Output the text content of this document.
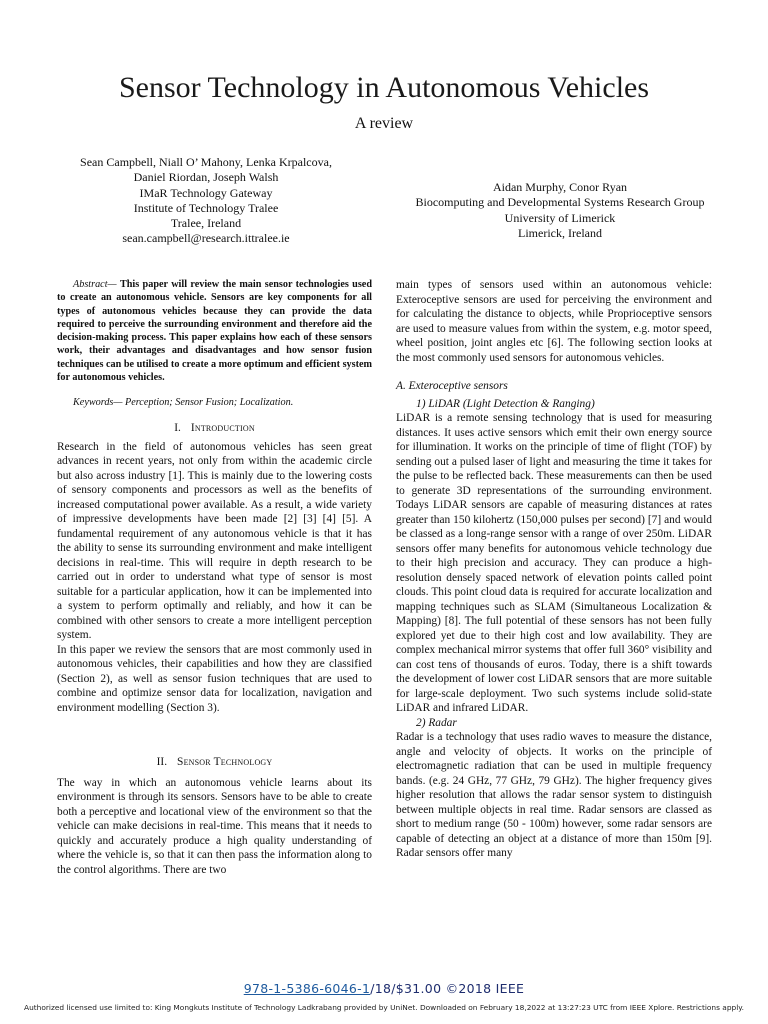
Sensor Technology in Autonomous Vehicles
A review
Sean Campbell, Niall O’ Mahony, Lenka Krpalcova,
Daniel Riordan, Joseph Walsh
IMaR Technology Gateway
Institute of Technology Tralee
Tralee, Ireland
sean.campbell@research.ittralee.ie
Aidan Murphy, Conor Ryan
Biocomputing and Developmental Systems Research Group
University of Limerick
Limerick, Ireland

Abstract— This paper will review the main sensor technologies used to create an autonomous vehicle. Sensors are key components for all types of autonomous vehicles because they can provide the data required to perceive the surrounding environment and therefore aid the decision-making process. This paper explains how each of these sensors work, their advantages and disadvantages and how sensor fusion techniques can be utilised to create a more optimum and efficient system for autonomous vehicles.

Keywords— Perception; Sensor Fusion; Localization.

I. Introduction

Research in the field of autonomous vehicles has seen great advances in recent years, not only from within the academic circle but also across industry [1]. This is mainly due to the lowering costs of sensory components and processors as well as the benefits of increased computational power available. As a result, a wide variety of impressive developments have been made [2] [3] [4] [5]. A fundamental requirement of any autonomous vehicle is that it has the ability to sense its surrounding environment and make intelligent decisions in real-time. This will require in depth research to be carried out in order to understand what type of sensor is most suitable for a particular application, how it can be implemented into a system to perform optimally and reliably, and how it can be combined with other sensors to create a more intelligent perception system.

In this paper we review the sensors that are most commonly used in autonomous vehicles, their capabilities and how they are classified (Section 2), as well as sensor fusion techniques that are used to combine and optimize sensor data for localization, navigation and environment modelling (Section 3).

II. Sensor Technology

The way in which an autonomous vehicle learns about its environment is through its sensors. Sensors have to be able to create both a perceptive and locational view of the environment so that the vehicle can make decisions in real-time. This means that it needs to quickly and accurately produce a high quality understanding of where the vehicle is, so that it can then pass the information along to the control algorithms. There are two

main types of sensors used within an autonomous vehicle: Exteroceptive sensors are used for perceiving the environment and for calculating the distance to objects, while Proprioceptive sensors are used to measure values from within the system, e.g. motor speed, wheel position, joint angles etc [6]. The following section looks at the most commonly used sensors for autonomous vehicles.

A. Exteroceptive sensors

1) LiDAR (Light Detection & Ranging)

LiDAR is a remote sensing technology that is used for measuring distances. It uses active sensors which emit their own energy source for illumination. It works on the principle of time of flight (TOF) by sending out a pulsed laser of light and measuring the time it takes for the pulse to be reflected back. These measurements can then be used to generate 3D representations of the surrounding environment. Todays LiDAR sensors are capable of measuring distances at rates greater than 150 kilohertz (150,000 pulses per second) [7] and would be classed as a long-range sensor with a range of over 250m. LiDAR sensors offer many benefits for autonomous vehicle technology due to their high precision and accuracy. They can produce a high-resolution densely spaced network of elevation points called point clouds. This point cloud data is required for accurate localization and mapping techniques such as SLAM (Simultaneous Localization & Mapping) [8]. The full potential of these sensors has not been fully explored yet due to their high cost and low availability. They are complex mechanical mirror systems that offer full 360° visibility and can cost tens of thousands of euros. Today, there is a shift towards the development of lower cost LiDAR sensors that are more suitable for large-scale deployment. Two such systems include solid-state LiDAR and infrared LiDAR.

2) Radar

Radar is a technology that uses radio waves to measure the distance, angle and velocity of objects. It works on the principle of electromagnetic radiation that can be used in multiple frequency bands. (e.g. 24 GHz, 77 GHz, 79 GHz). The higher frequency gives higher resolution that allows the radar sensor system to distinguish between multiple objects in real time. Radar sensors are classed as short to medium range (50 - 100m) however, some radar sensors are capable of detecting an object at a distance of more than 150m [9]. Radar sensors offer many

978-1-5386-6046-1/18/$31.00 ©2018 IEEE
Authorized licensed use limited to: King Mongkuts Institute of Technology Ladkrabang provided by UniNet. Downloaded on February 18,2022 at 13:27:23 UTC from IEEE Xplore. Restrictions apply.
